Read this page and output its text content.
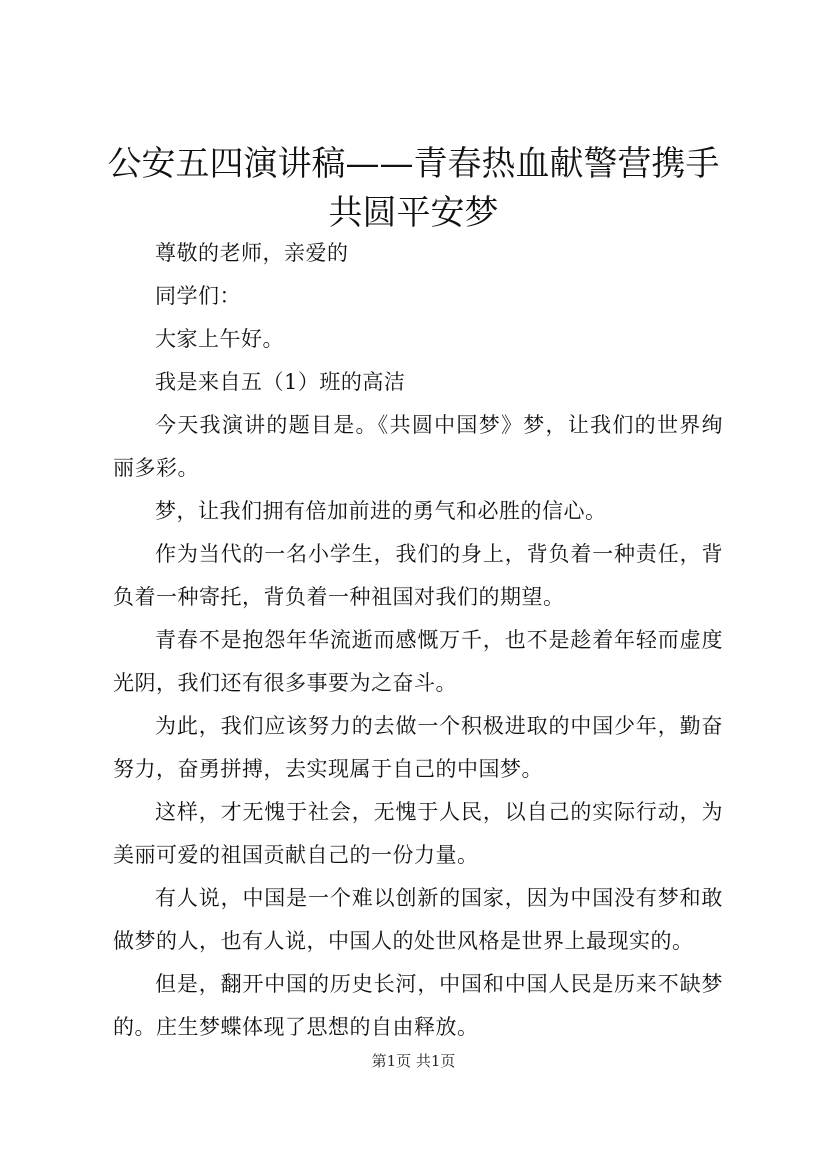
公安五四演讲稿——青春热血献警营携手共圆平安梦

尊敬的老师，亲爱的

同学们：

大家上午好。

我是来自五（1）班的高洁

今天我演讲的题目是。《共圆中国梦》梦，让我们的世界绚丽多彩。

梦，让我们拥有倍加前进的勇气和必胜的信心。

作为当代的一名小学生，我们的身上，背负着一种责任，背负着一种寄托，背负着一种祖国对我们的期望。

青春不是抱怨年华流逝而感慨万千，也不是趁着年轻而虚度光阴，我们还有很多事要为之奋斗。

为此，我们应该努力的去做一个积极进取的中国少年，勤奋努力，奋勇拼搏，去实现属于自己的中国梦。

这样，才无愧于社会，无愧于人民，以自己的实际行动，为美丽可爱的祖国贡献自己的一份力量。

有人说，中国是一个难以创新的国家，因为中国没有梦和敢做梦的人，也有人说，中国人的处世风格是世界上最现实的。

但是，翻开中国的历史长河，中国和中国人民是历来不缺梦的。庄生梦蝶体现了思想的自由释放。

第1页 共1页
